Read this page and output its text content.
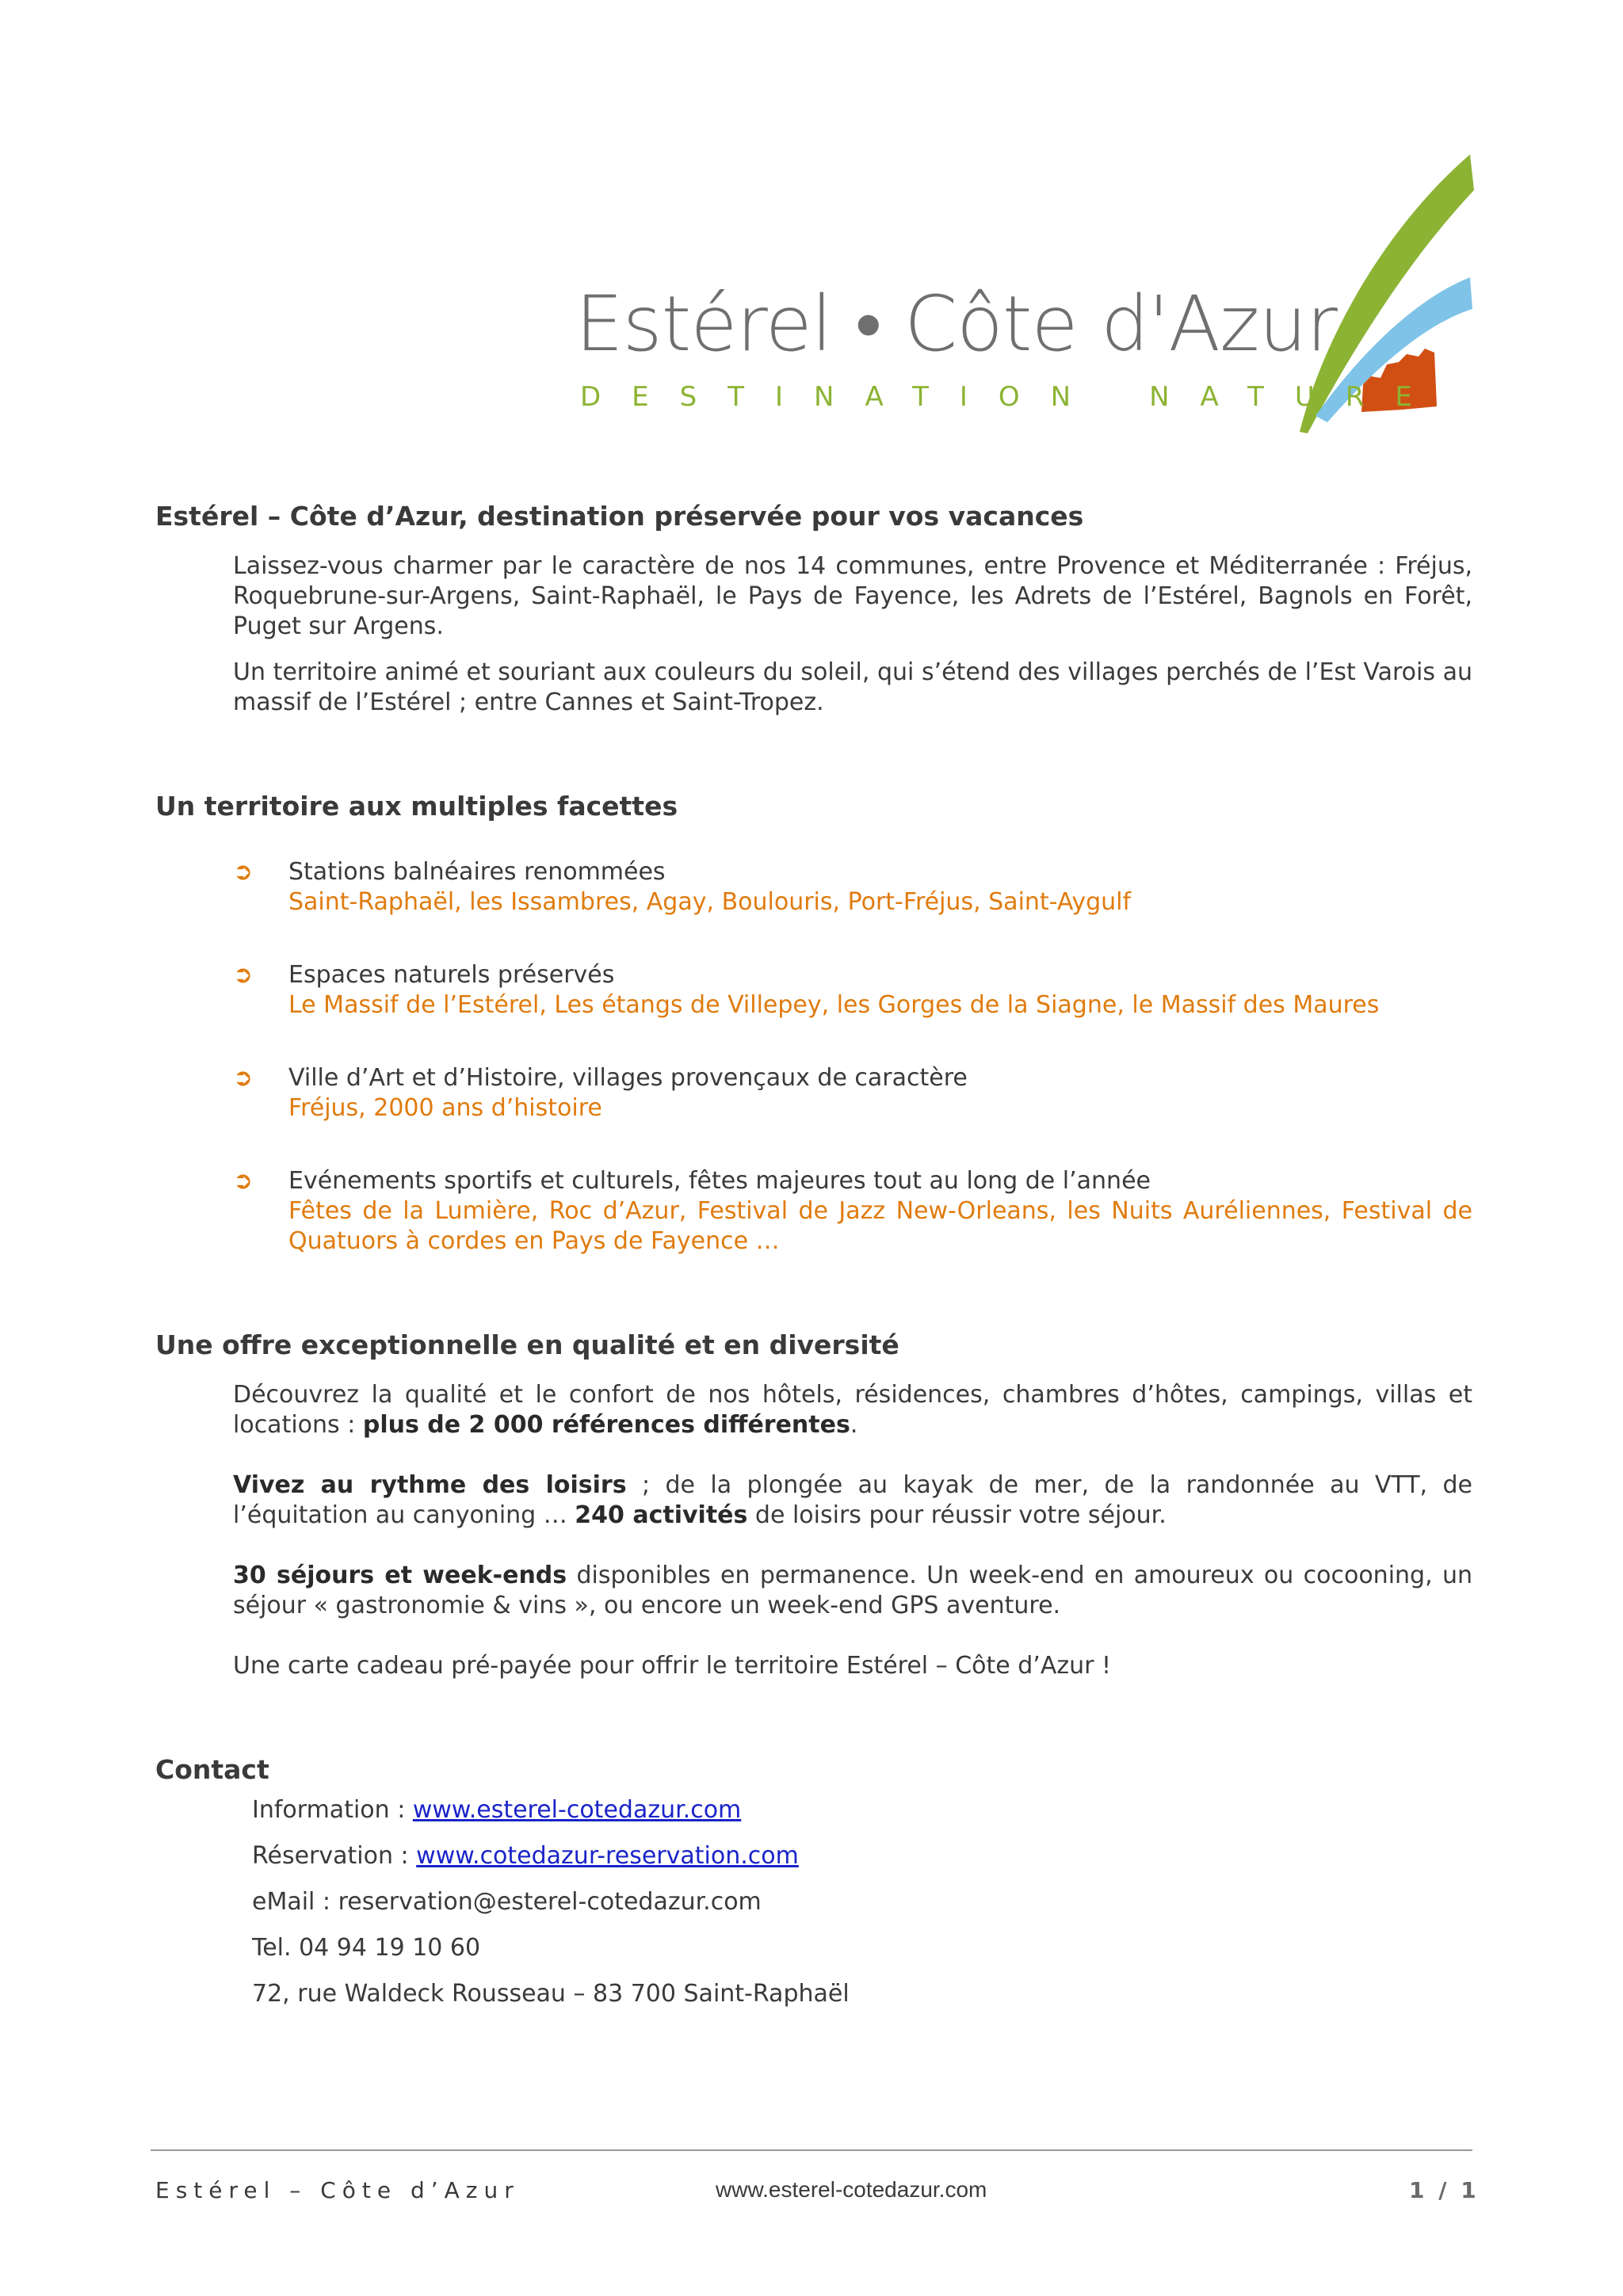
Estérel • Côte d'Azur
DESTINATION NATURE
Estérel – Côte d’Azur, destination préservée pour vos vacances
Laissez-vous charmer par le caractère de nos 14 communes, entre Provence et Méditerranée : Fréjus, Roquebrune-sur-Argens, Saint-Raphaël, le Pays de Fayence, les Adrets de l’Estérel, Bagnols en Forêt, Puget sur Argens.
Un territoire animé et souriant aux couleurs du soleil, qui s’étend des villages perchés de l’Est Varois au massif de l’Estérel ; entre Cannes et Saint-Tropez.
Un territoire aux multiples facettes
➲ Stations balnéaires renommées
Saint-Raphaël, les Issambres, Agay, Boulouris, Port-Fréjus, Saint-Aygulf
➲ Espaces naturels préservés
Le Massif de l’Estérel, Les étangs de Villepey, les Gorges de la Siagne, le Massif des Maures
➲ Ville d’Art et d’Histoire, villages provençaux de caractère
Fréjus, 2000 ans d’histoire
➲ Evénements sportifs et culturels, fêtes majeures tout au long de l’année
Fêtes de la Lumière, Roc d’Azur, Festival de Jazz New-Orleans, les Nuits Auréliennes, Festival de Quatuors à cordes en Pays de Fayence …
Une offre exceptionnelle en qualité et en diversité
Découvrez la qualité et le confort de nos hôtels, résidences, chambres d’hôtes, campings, villas et locations : plus de 2 000 références différentes.
Vivez au rythme des loisirs ; de la plongée au kayak de mer, de la randonnée au VTT, de l’équitation au canyoning … 240 activités de loisirs pour réussir votre séjour.
30 séjours et week-ends disponibles en permanence. Un week-end en amoureux ou cocooning, un séjour « gastronomie & vins », ou encore un week-end GPS aventure.
Une carte cadeau pré-payée pour offrir le territoire Estérel – Côte d’Azur !
Contact
Information : www.esterel-cotedazur.com
Réservation : www.cotedazur-reservation.com
eMail : reservation@esterel-cotedazur.com
Tel. 04 94 19 10 60
72, rue Waldeck Rousseau – 83 700 Saint-Raphaël
Estérel – Côte d’Azur	www.esterel-cotedazur.com	1 / 1
